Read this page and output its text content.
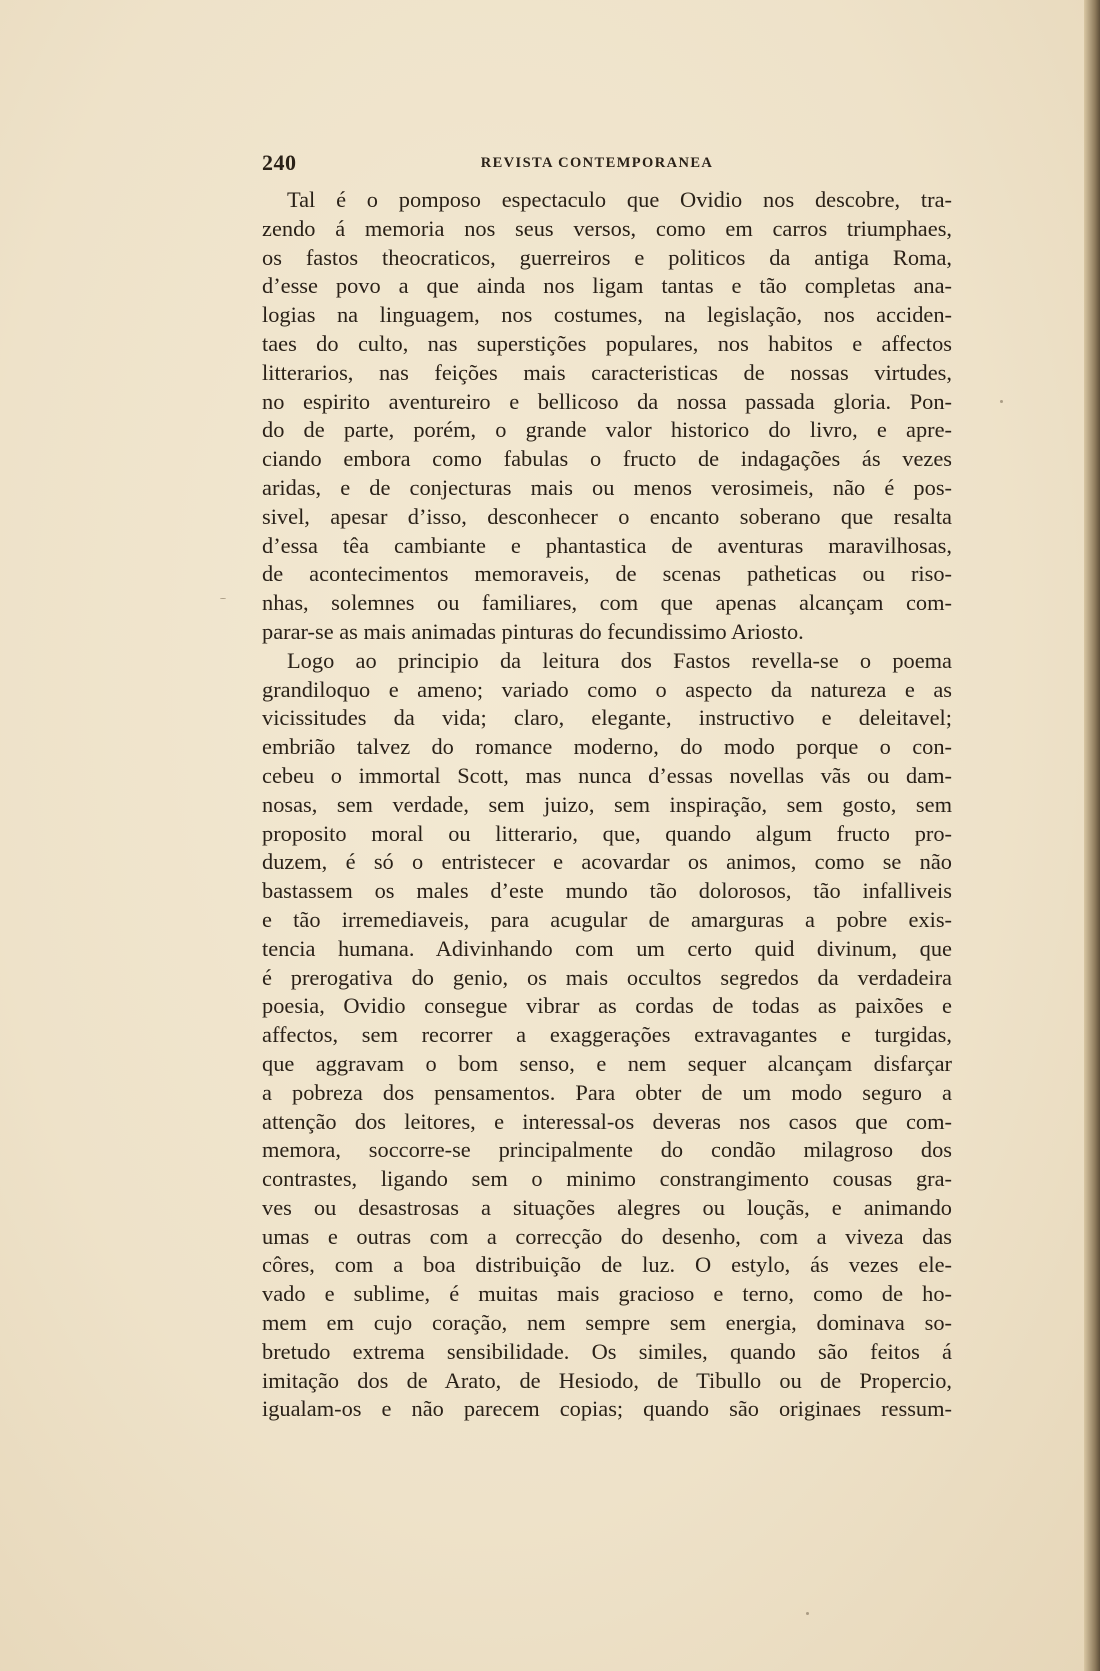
240	REVISTA CONTEMPORANEA
Tal é o pomposo espectaculo que Ovidio nos descobre, tra-
zendo á memoria nos seus versos, como em carros triumphaes,
os fastos theocraticos, guerreiros e politicos da antiga Roma,
d’esse povo a que ainda nos ligam tantas e tão completas ana-
logias na linguagem, nos costumes, na legislação, nos acciden-
taes do culto, nas superstições populares, nos habitos e affectos
litterarios, nas feições mais caracteristicas de nossas virtudes,
no espirito aventureiro e bellicoso da nossa passada gloria. Pon-
do de parte, porém, o grande valor historico do livro, e apre-
ciando embora como fabulas o fructo de indagações ás vezes
aridas, e de conjecturas mais ou menos verosimeis, não é pos-
sivel, apesar d’isso, desconhecer o encanto soberano que resalta
d’essa têa cambiante e phantastica de aventuras maravilhosas,
de acontecimentos memoraveis, de scenas patheticas ou riso-
nhas, solemnes ou familiares, com que apenas alcançam com-
parar-se as mais animadas pinturas do fecundissimo Ariosto.
Logo ao principio da leitura dos Fastos revella-se o poema
grandiloquo e ameno; variado como o aspecto da natureza e as
vicissitudes da vida; claro, elegante, instructivo e deleitavel;
embrião talvez do romance moderno, do modo porque o con-
cebeu o immortal Scott, mas nunca d’essas novellas vãs ou dam-
nosas, sem verdade, sem juizo, sem inspiração, sem gosto, sem
proposito moral ou litterario, que, quando algum fructo pro-
duzem, é só o entristecer e acovardar os animos, como se não
bastassem os males d’este mundo tão dolorosos, tão infalliveis
e tão irremediaveis, para acugular de amarguras a pobre exis-
tencia humana. Adivinhando com um certo quid divinum, que
é prerogativa do genio, os mais occultos segredos da verdadeira
poesia, Ovidio consegue vibrar as cordas de todas as paixões e
affectos, sem recorrer a exaggerações extravagantes e turgidas,
que aggravam o bom senso, e nem sequer alcançam disfarçar
a pobreza dos pensamentos. Para obter de um modo seguro a
attenção dos leitores, e interessal-os deveras nos casos que com-
memora, soccorre-se principalmente do condão milagroso dos
contrastes, ligando sem o minimo constrangimento cousas gra-
ves ou desastrosas a situações alegres ou louçãs, e animando
umas e outras com a correcção do desenho, com a viveza das
côres, com a boa distribuição de luz. O estylo, ás vezes ele-
vado e sublime, é muitas mais gracioso e terno, como de ho-
mem em cujo coração, nem sempre sem energia, dominava so-
bretudo extrema sensibilidade. Os similes, quando são feitos á
imitação dos de Arato, de Hesiodo, de Tibullo ou de Propercio,
igualam-os e não parecem copias; quando são originaes ressum-
